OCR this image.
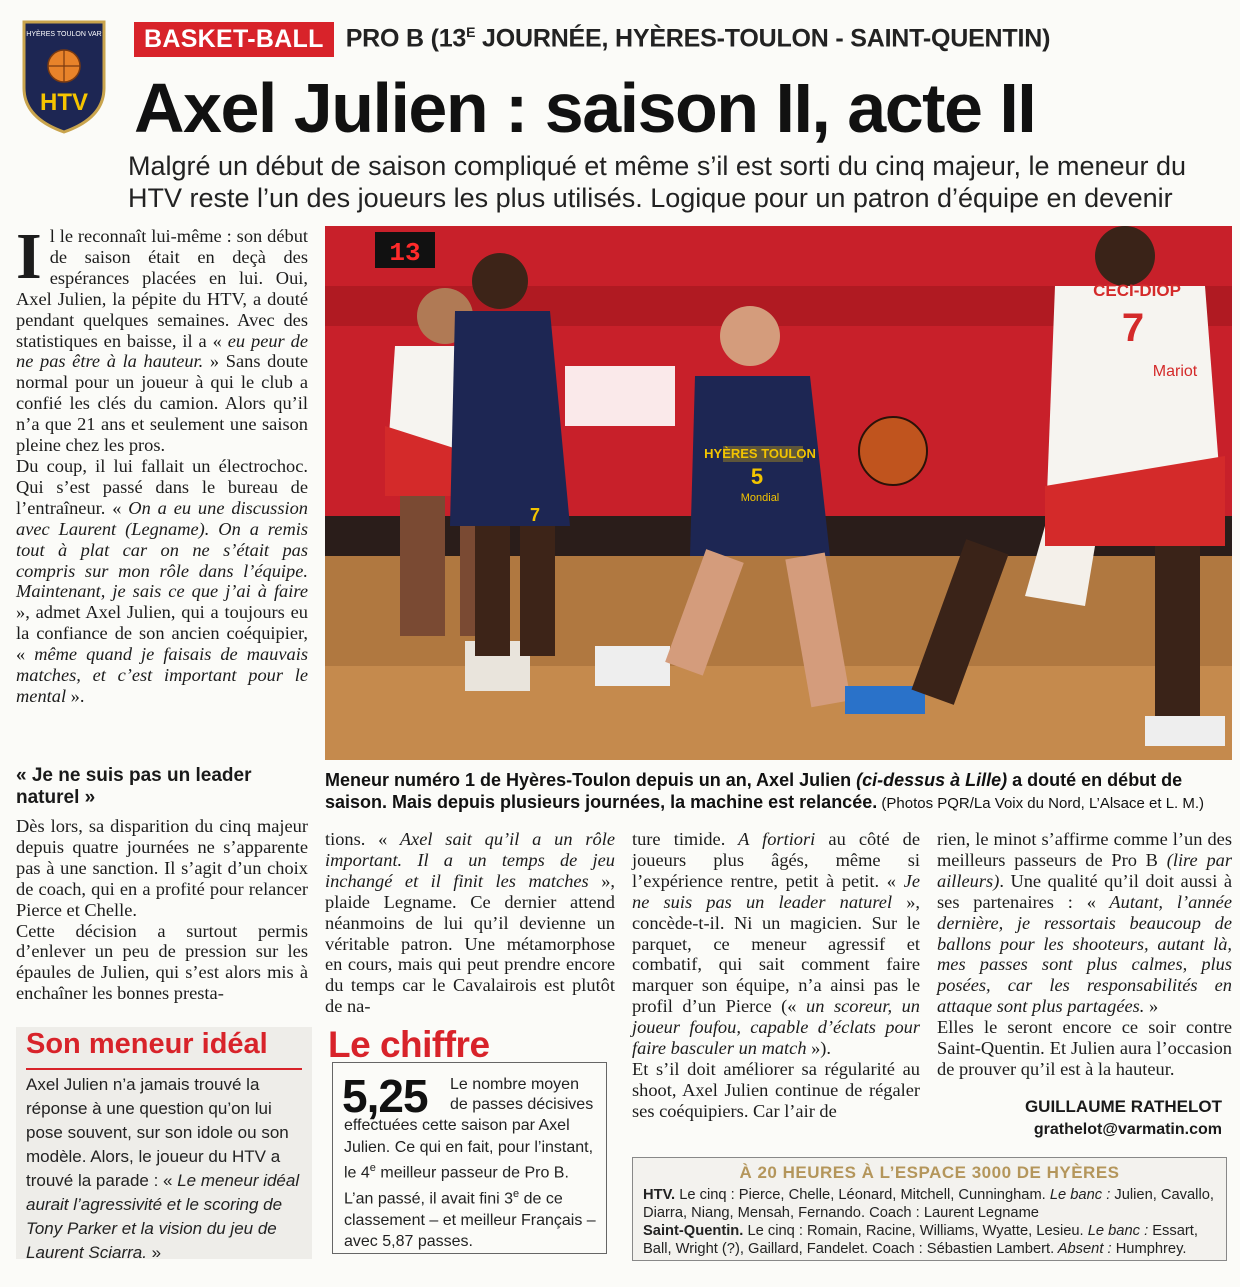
HYÈRES TOULON VAR
HTV
BASKET-BALL PRO B ($13^E$ JOURNÉE, HYÈRES-TOULON - SAINT-QUENTIN)
Axel Julien : saison II, acte II
Malgré un début de saison compliqué et même s’il est sorti du cinq majeur, le meneur du HTV reste l’un des joueurs les plus utilisés. Logique pour un patron d’équipe en devenir

Il le reconnaît lui-même : son début de saison était en deçà des espérances placées en lui. Oui, Axel Julien, la pépite du HTV, a douté pendant quelques semaines. Avec des statistiques en baisse, il a « eu peur de ne pas être à la hauteur. » Sans doute normal pour un joueur à qui le club a confié les clés du camion. Alors qu’il n’a que 21 ans et seulement une saison pleine chez les pros.

Du coup, il lui fallait un électrochoc. Qui s’est passé dans le bureau de l’entraîneur. « On a eu une discussion avec Laurent (Legname). On a remis tout à plat car on ne s’était pas compris sur mon rôle dans l’équipe. Maintenant, je sais ce que j’ai à faire », admet Axel Julien, qui a toujours eu la confiance de son ancien coéquipier, « même quand je faisais de mauvais matches, et c’est important pour le mental ».

« Je ne suis pas un leader naturel »

Dès lors, sa disparition du cinq majeur depuis quatre journées ne s’apparente pas à une sanction. Il s’agit d’un choix de coach, qui en a profité pour relancer Pierce et Chelle.

Cette décision a surtout permis d’enlever un peu de pression sur les épaules de Julien, qui s’est alors mis à enchaîner les bonnes presta-

13
7
HYÈRES TOULON
5
Mondial
CECI-DIOP
7
Mariot
Meneur numéro 1 de Hyères-Toulon depuis un an, Axel Julien (ci-dessus à Lille) a douté en début de saison. Mais depuis plusieurs journées, la machine est relancée. (Photos PQR/La Voix du Nord, L’Alsace et L. M.)

tions. « Axel sait qu’il a un rôle important. Il a un temps de jeu inchangé et il finit les matches », plaide Legname. Ce dernier attend néanmoins de lui qu’il devienne un véritable patron. Une métamorphose en cours, mais qui peut prendre encore du temps car le Cavalairois est plutôt de na-

ture timide. A fortiori au côté de joueurs plus âgés, même si l’expérience rentre, petit à petit. « Je ne suis pas un leader naturel », concède-t-il. Ni un magicien. Sur le parquet, ce meneur agressif et combatif, qui sait comment faire marquer son équipe, n’a ainsi pas le profil d’un Pierce (« un scoreur, un joueur foufou, capable d’éclats pour faire basculer un match »).

Et s’il doit améliorer sa régularité au shoot, Axel Julien continue de régaler ses coéquipiers. Car l’air de

rien, le minot s’affirme comme l’un des meilleurs passeurs de Pro B (lire par ailleurs). Une qualité qu’il doit aussi à ses partenaires : « Autant, l’année dernière, je ressortais beaucoup de ballons pour les shooteurs, autant là, mes passes sont plus calmes, plus posées, car les responsabilités en attaque sont plus partagées. »

Elles le seront encore ce soir contre Saint-Quentin. Et Julien aura l’occasion de prouver qu’il est à la hauteur.

GUILLAUME RATHELOT
grathelot@varmatin.com
Son meneur idéal
Axel Julien n’a jamais trouvé la réponse à une question qu’on lui pose souvent, sur son idole ou son modèle. Alors, le joueur du HTV a trouvé la parade : « Le meneur idéal aurait l’agressivité et le scoring de Tony Parker et la vision du jeu de Laurent Sciarra. »
Le chiffre
5,25 Le nombre moyen de passes décisives
effectuées cette saison par Axel Julien. Ce qui en fait, pour l’instant, le 4e meilleur passeur de Pro B. L’an passé, il avait fini 3e de ce classement – et meilleur Français – avec 5,87 passes.
À 20 HEURES À L’ESPACE 3000 DE HYÈRES
HTV. Le cinq : Pierce, Chelle, Léonard, Mitchell, Cunningham. Le banc : Julien, Cavallo, Diarra, Niang, Mensah, Fernando. Coach : Laurent Legname
Saint-Quentin. Le cinq : Romain, Racine, Williams, Wyatte, Lesieu. Le banc : Essart, Ball, Wright (?), Gaillard, Fandelet. Coach : Sébastien Lambert. Absent : Humphrey.
